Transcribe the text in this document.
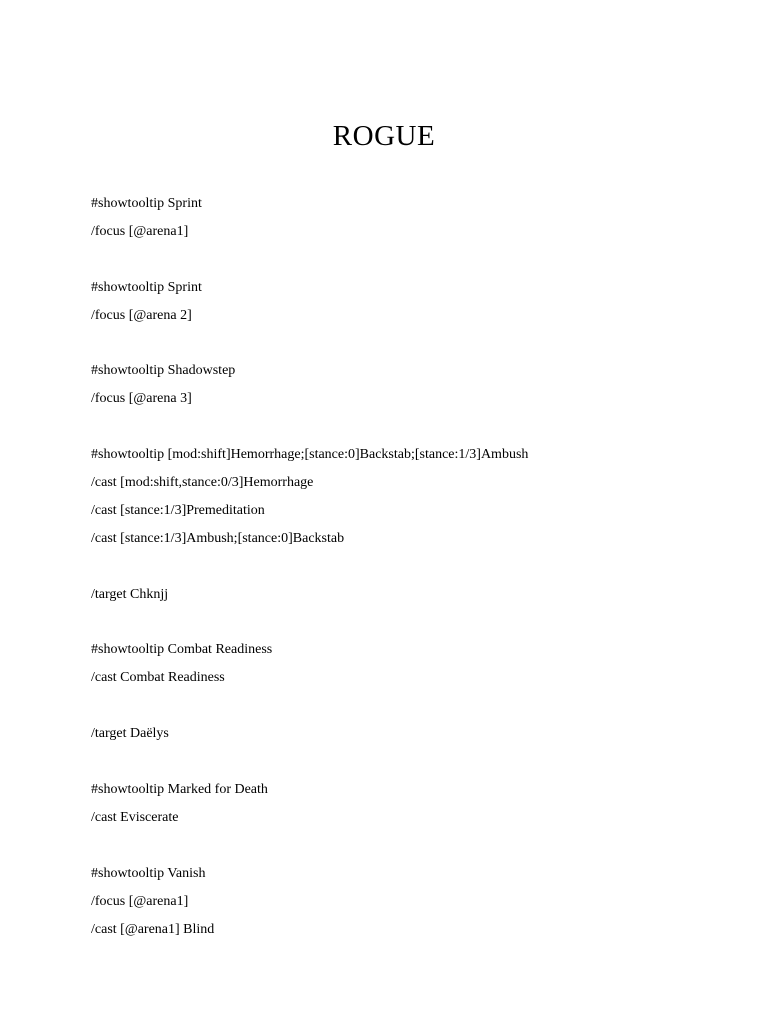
ROGUE
#showtooltip Sprint
/focus [@arena1]
#showtooltip Sprint
/focus [@arena 2]
#showtooltip Shadowstep
/focus [@arena 3]
#showtooltip [mod:shift]Hemorrhage;[stance:0]Backstab;[stance:1/3]Ambush
/cast [mod:shift,stance:0/3]Hemorrhage
/cast [stance:1/3]Premeditation
/cast [stance:1/3]Ambush;[stance:0]Backstab
/target Chknjj
#showtooltip Combat Readiness
/cast Combat Readiness
/target Daëlys
#showtooltip Marked for Death
/cast Eviscerate
#showtooltip Vanish
/focus [@arena1]
/cast [@arena1] Blind
